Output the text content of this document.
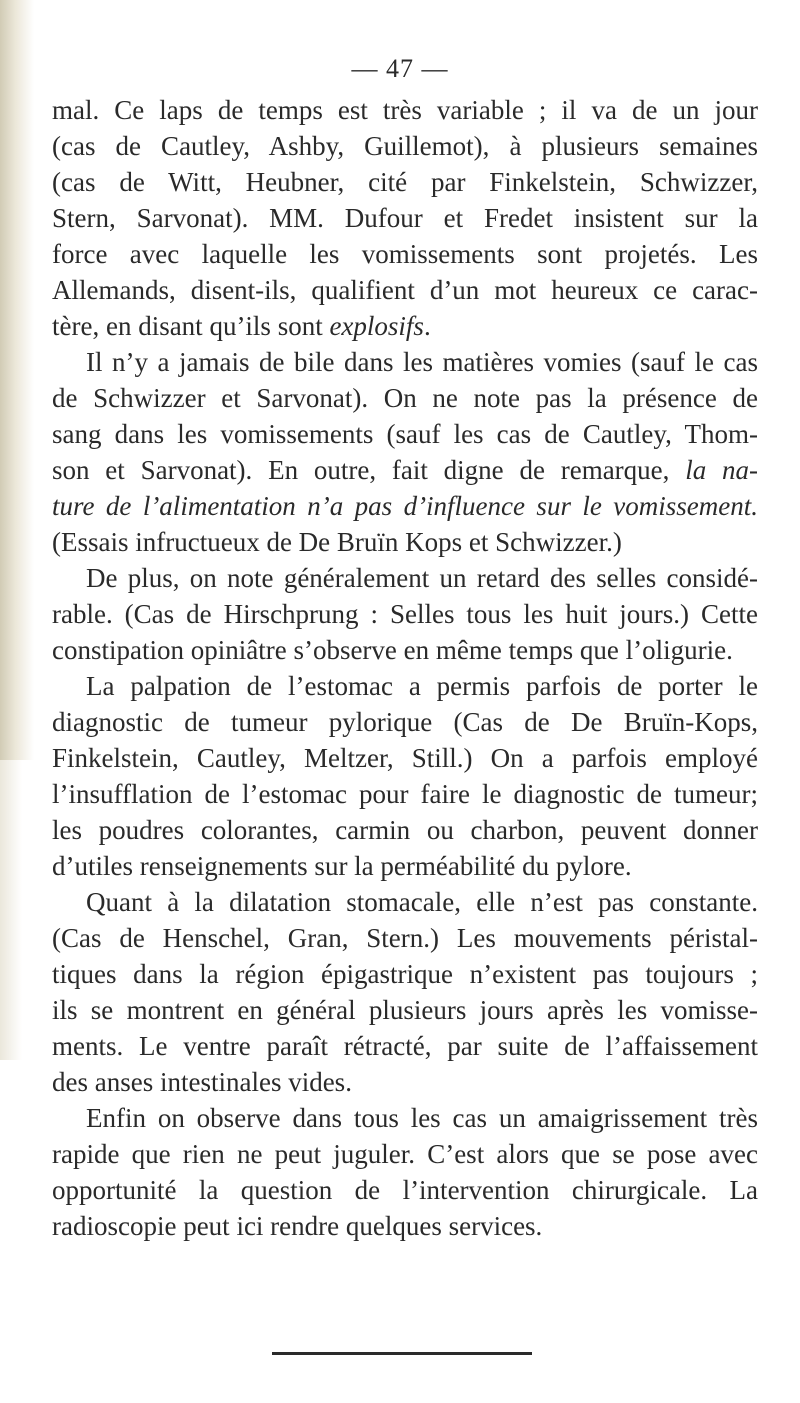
— 47 —
mal. Ce laps de temps est très variable ; il va de un jour
(cas de Cautley, Ashby, Guillemot), à plusieurs semaines
(cas de Witt, Heubner, cité par Finkelstein, Schwizzer,
Stern, Sarvonat). MM. Dufour et Fredet insistent sur la
force avec laquelle les vomissements sont projetés. Les
Allemands, disent-ils, qualifient d’un mot heureux ce carac-
tère, en disant qu’ils sont explosifs.
Il n’y a jamais de bile dans les matières vomies (sauf le cas
de Schwizzer et Sarvonat). On ne note pas la présence de
sang dans les vomissements (sauf les cas de Cautley, Thom-
son et Sarvonat). En outre, fait digne de remarque, la na-
ture de l’alimentation n’a pas d’influence sur le vomissement.
(Essais infructueux de De Bruïn Kops et Schwizzer.)
De plus, on note généralement un retard des selles considé-
rable. (Cas de Hirschprung : Selles tous les huit jours.) Cette
constipation opiniâtre s’observe en même temps que l’oligurie.
La palpation de l’estomac a permis parfois de porter le
diagnostic de tumeur pylorique (Cas de De Bruïn-Kops,
Finkelstein, Cautley, Meltzer, Still.) On a parfois employé
l’insufflation de l’estomac pour faire le diagnostic de tumeur;
les poudres colorantes, carmin ou charbon, peuvent donner
d’utiles renseignements sur la perméabilité du pylore.
Quant à la dilatation stomacale, elle n’est pas constante.
(Cas de Henschel, Gran, Stern.) Les mouvements péristal-
tiques dans la région épigastrique n’existent pas toujours ;
ils se montrent en général plusieurs jours après les vomisse-
ments. Le ventre paraît rétracté, par suite de l’affaissement
des anses intestinales vides.
Enfin on observe dans tous les cas un amaigrissement très
rapide que rien ne peut juguler. C’est alors que se pose avec
opportunité la question de l’intervention chirurgicale. La
radioscopie peut ici rendre quelques services.
